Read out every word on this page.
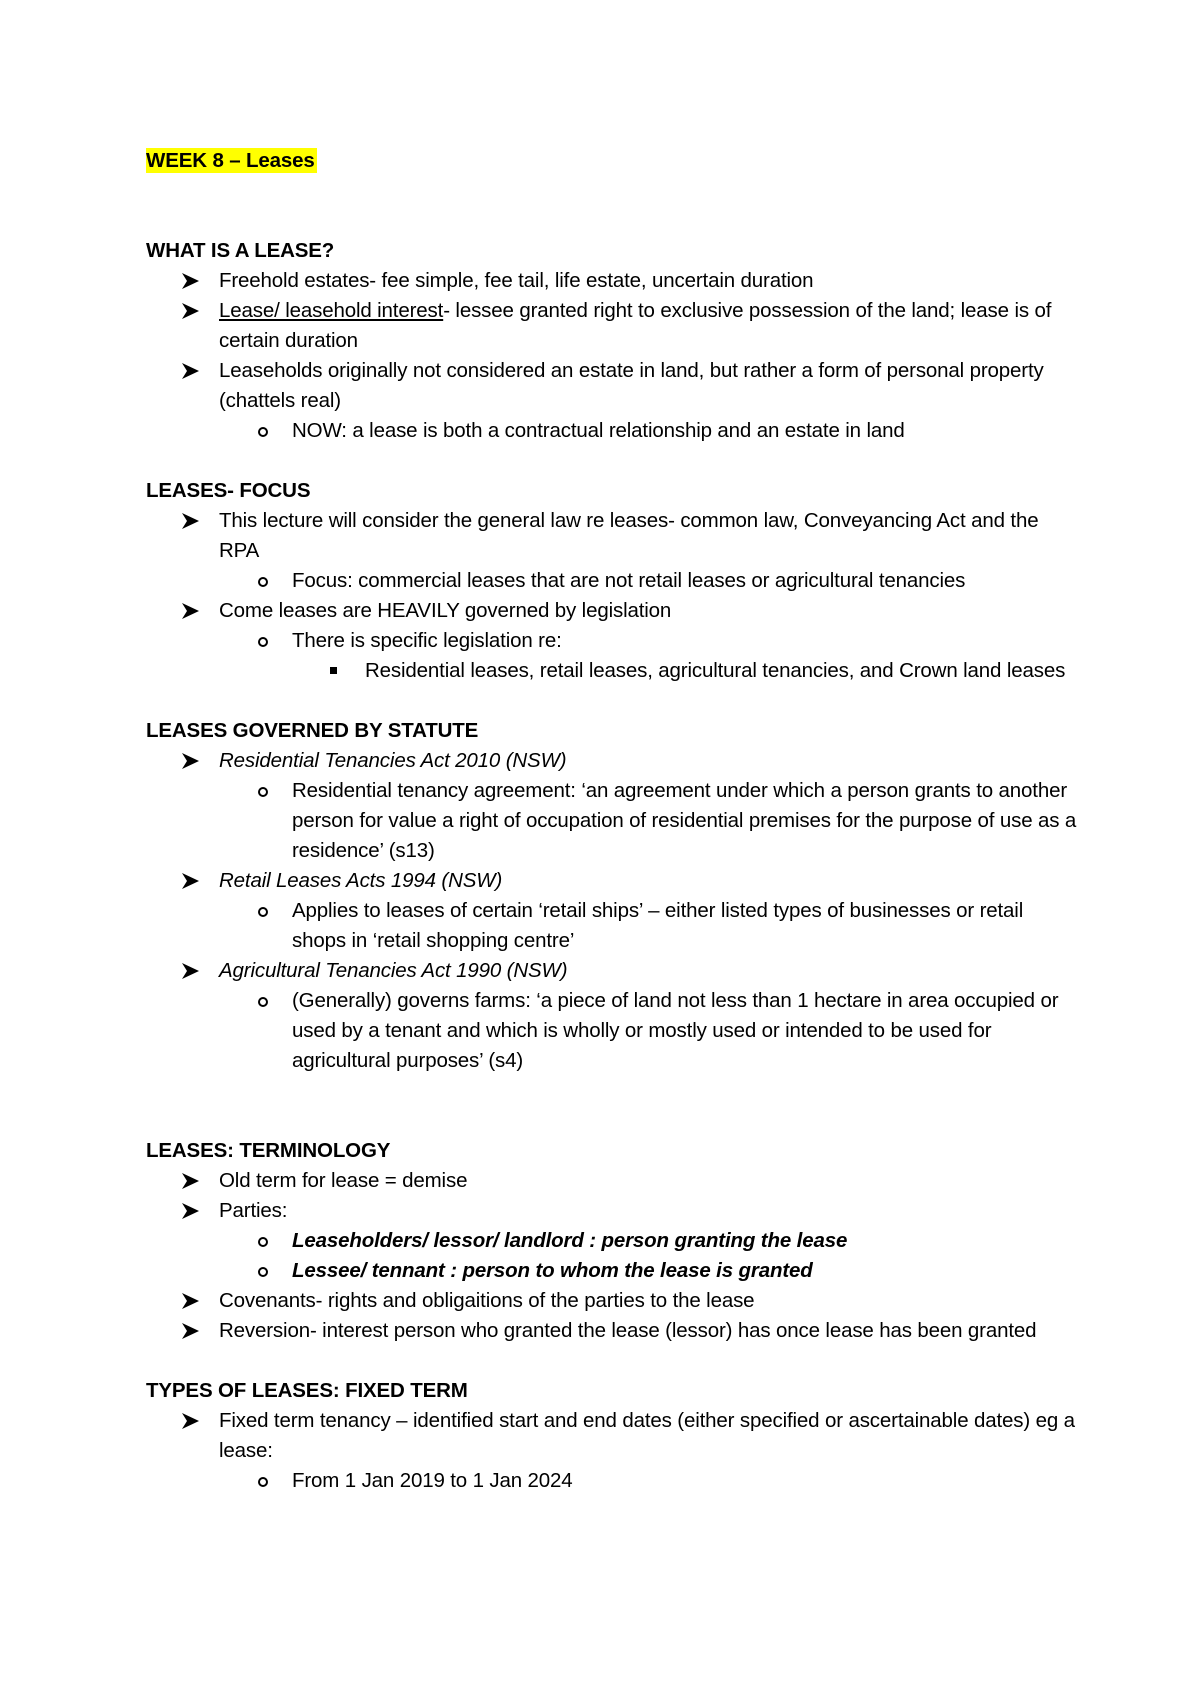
WEEK 8 – Leases

WHAT IS A LEASE?

Freehold estates- fee simple, fee tail, life estate, uncertain duration
Lease/ leasehold interest- lessee granted right to exclusive possession of the land; lease is of certain duration
Leaseholds originally not considered an estate in land, but rather a form of personal property (chattels real)
NOW: a lease is both a contractual relationship and an estate in land

LEASES- FOCUS

This lecture will consider the general law re leases- common law, Conveyancing Act and the RPA
Focus: commercial leases that are not retail leases or agricultural tenancies
Come leases are HEAVILY governed by legislation
There is specific legislation re:
Residential leases, retail leases, agricultural tenancies, and Crown land leases

LEASES GOVERNED BY STATUTE

Residential Tenancies Act 2010 (NSW)
Residential tenancy agreement: ‘an agreement under which a person grants to another person for value a right of occupation of residential premises for the purpose of use as a residence’ (s13)
Retail Leases Acts 1994 (NSW)
Applies to leases of certain ‘retail ships’ – either listed types of businesses or retail shops in ‘retail shopping centre’
Agricultural Tenancies Act 1990 (NSW)
(Generally) governs farms: ‘a piece of land not less than 1 hectare in area occupied or used by a tenant and which is wholly or mostly used or intended to be used for agricultural purposes’ (s4)

LEASES: TERMINOLOGY

Old term for lease = demise
Parties:
Leaseholders/ lessor/ landlord : person granting the lease
Lessee/ tennant : person to whom the lease is granted
Covenants- rights and obligaitions of the parties to the lease
Reversion- interest person who granted the lease (lessor) has once lease has been granted

TYPES OF LEASES: FIXED TERM

Fixed term tenancy – identified start and end dates (either specified or ascertainable dates) eg a lease:
From 1 Jan 2019 to 1 Jan 2024
